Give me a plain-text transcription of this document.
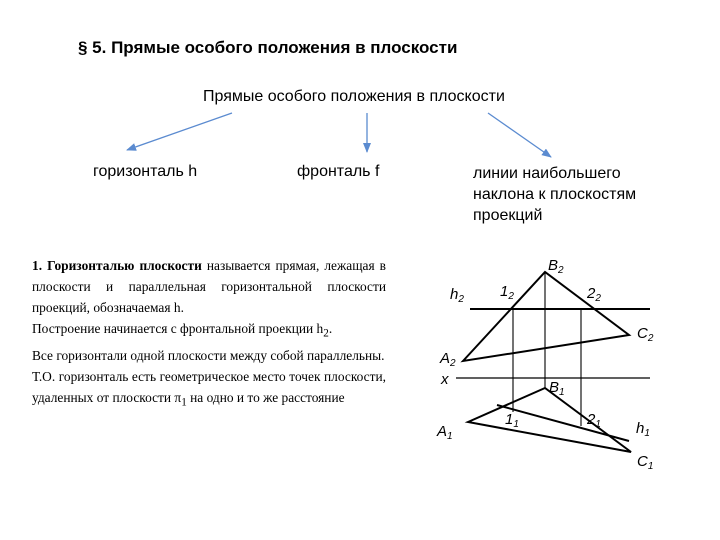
§ 5. Прямые особого положения в плоскости
Прямые особого положения в плоскости
горизонталь h	фронталь f	линии наибольшего
наклона к плоскостям
проекций

1. Горизонталью плоскости называется прямая, лежащая в плоскости и параллельная горизонтальной плоскости проекций, обозначаемая h.

Построение начинается с фронтальной проекции $h_2$.

Все горизонтали одной плоскости между собой параллельны.

Т.О. горизонталь есть геометрическое место точек плоскости, удаленных от плоскости $\pi_1$ на одно и то же расстояние

$B_2$
$h_2$ $1_2$	$2_2$
$C_2$
$A_2$
x	$B_1$
$A_1$
$1_1$	$2_1$ $h_1$
$C_1$
